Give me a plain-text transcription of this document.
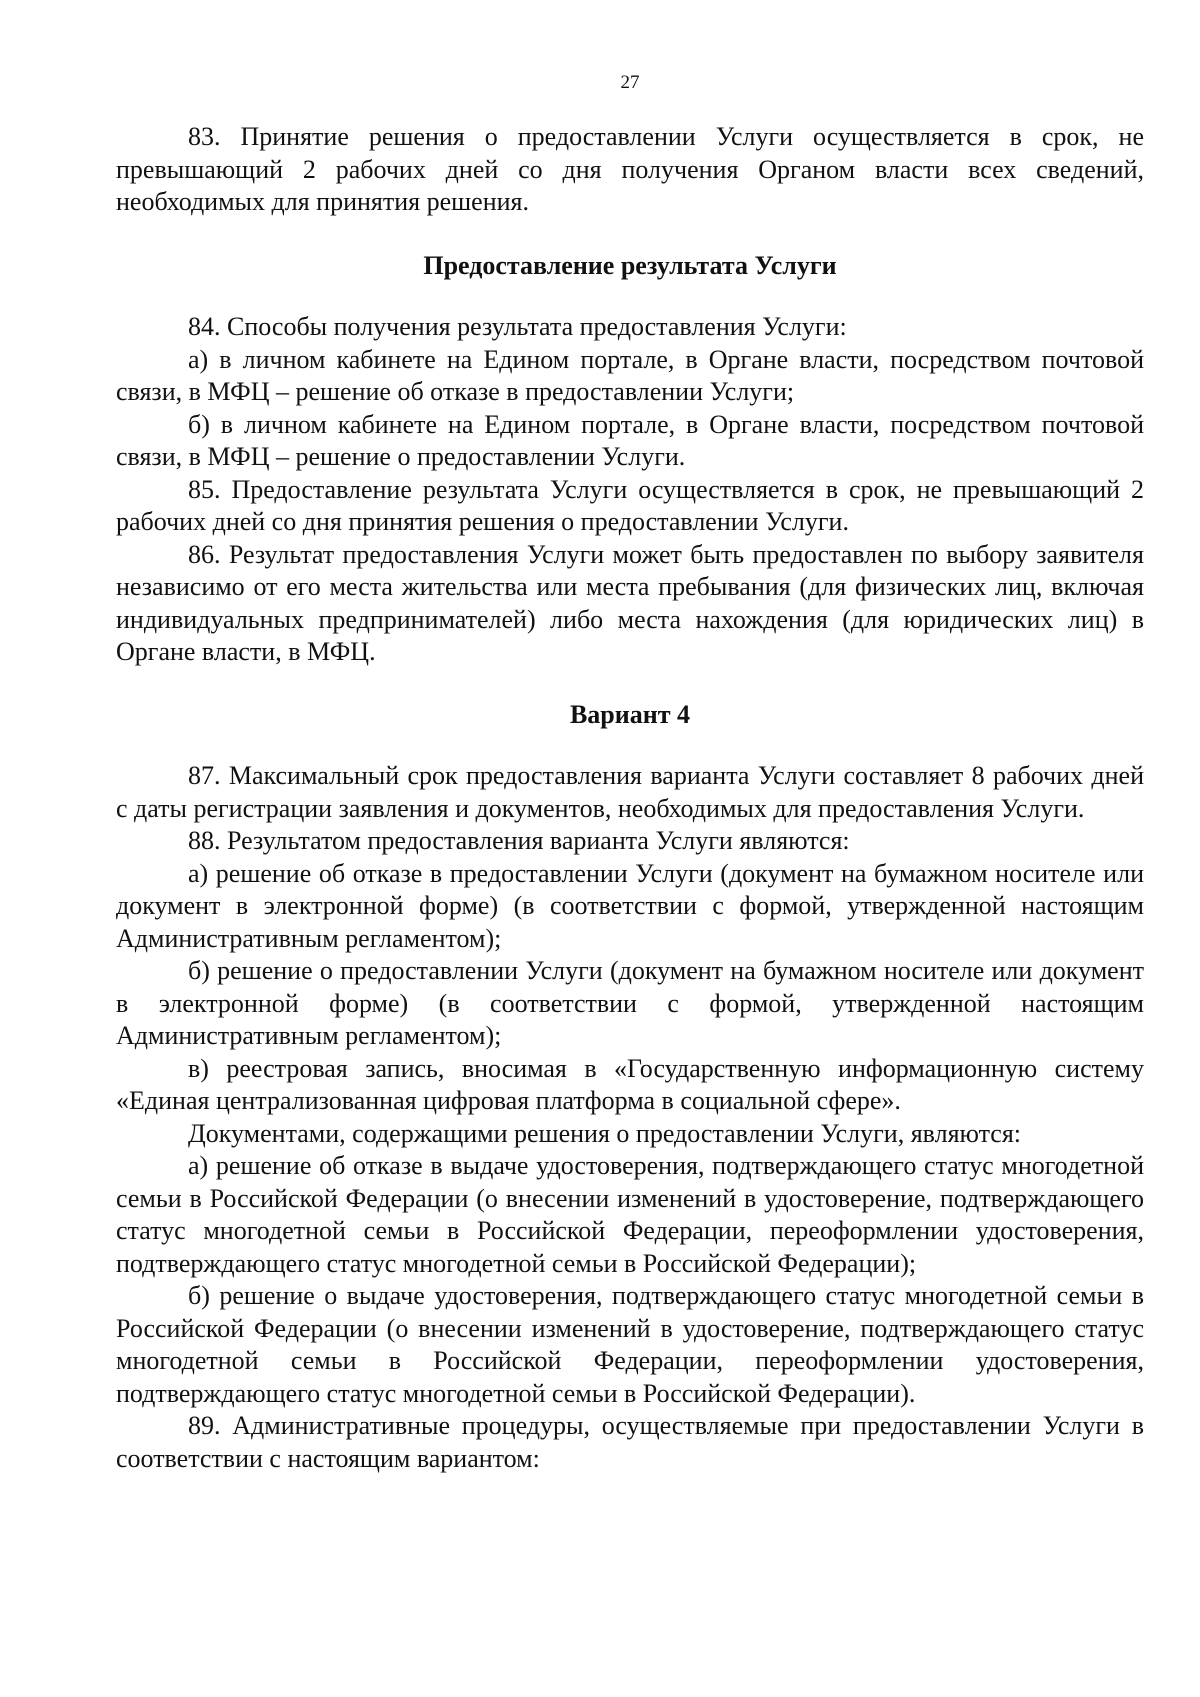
27

83. Принятие решения о предоставлении Услуги осуществляется в срок, не превышающий 2 рабочих дней со дня получения Органом власти всех сведений, необходимых для принятия решения.

Предоставление результата Услуги

84. Способы получения результата предоставления Услуги:

а) в личном кабинете на Едином портале, в Органе власти, посредством почтовой связи, в МФЦ – решение об отказе в предоставлении Услуги;

б) в личном кабинете на Едином портале, в Органе власти, посредством почтовой связи, в МФЦ – решение о предоставлении Услуги.

85. Предоставление результата Услуги осуществляется в срок, не превышающий 2 рабочих дней со дня принятия решения о предоставлении Услуги.

86. Результат предоставления Услуги может быть предоставлен по выбору заявителя независимо от его места жительства или места пребывания (для физических лиц, включая индивидуальных предпринимателей) либо места нахождения (для юридических лиц) в Органе власти, в МФЦ.

Вариант 4

87. Максимальный срок предоставления варианта Услуги составляет 8 рабочих дней с даты регистрации заявления и документов, необходимых для предоставления Услуги.

88. Результатом предоставления варианта Услуги являются:

а) решение об отказе в предоставлении Услуги (документ на бумажном носителе или документ в электронной форме) (в соответствии с формой, утвержденной настоящим Административным регламентом);

б) решение о предоставлении Услуги (документ на бумажном носителе или документ в электронной форме) (в соответствии с формой, утвержденной настоящим Административным регламентом);

в) реестровая запись, вносимая в «Государственную информационную систему «Единая централизованная цифровая платформа в социальной сфере».

Документами, содержащими решения о предоставлении Услуги, являются:

а) решение об отказе в выдаче удостоверения, подтверждающего статус многодетной семьи в Российской Федерации (о внесении изменений в удостоверение, подтверждающего статус многодетной семьи в Российской Федерации, переоформлении удостоверения, подтверждающего статус многодетной семьи в Российской Федерации);

б) решение о выдаче удостоверения, подтверждающего статус многодетной семьи в Российской Федерации (о внесении изменений в удостоверение, подтверждающего статус многодетной семьи в Российской Федерации, переоформлении удостоверения, подтверждающего статус многодетной семьи в Российской Федерации).

89. Административные процедуры, осуществляемые при предоставлении Услуги в соответствии с настоящим вариантом:
